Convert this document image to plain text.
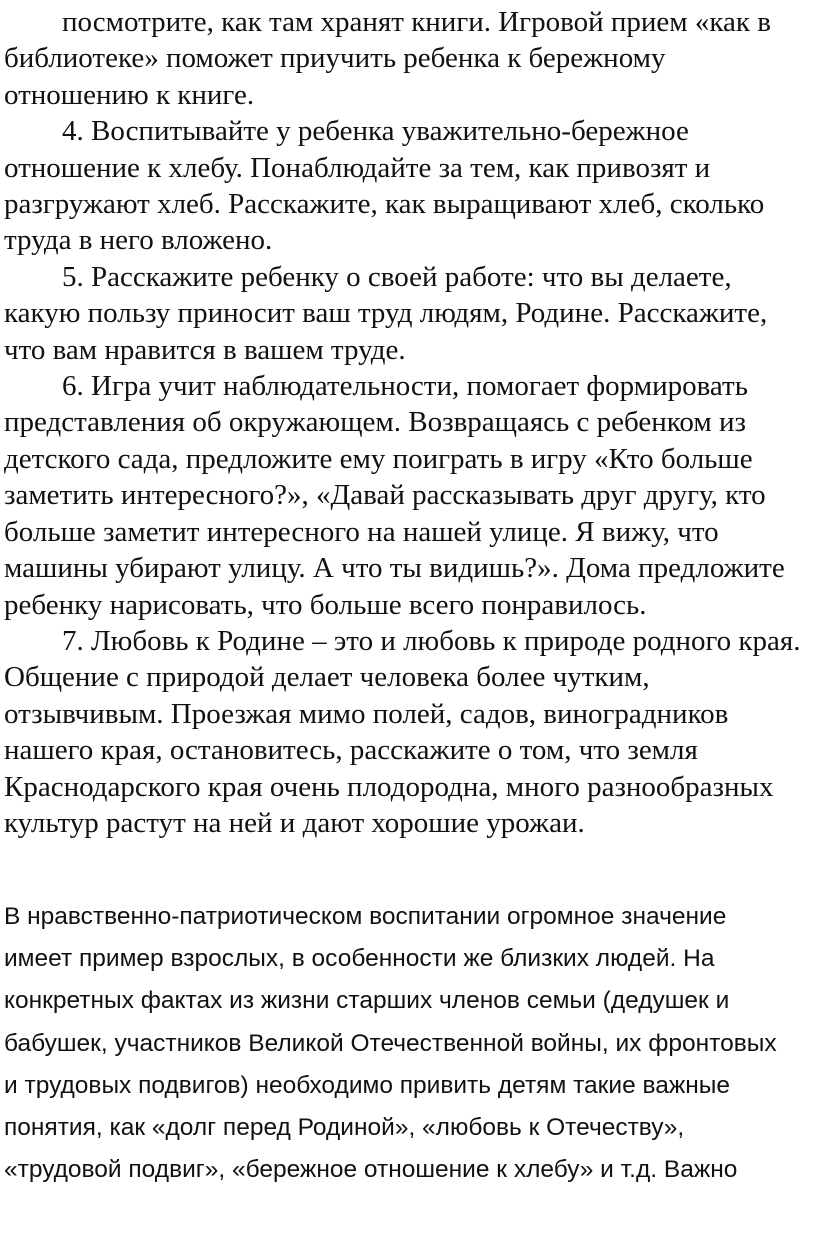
посмотрите, как там хранят книги. Игровой прием «как в библиотеке» поможет приучить ребенка к бережному отношению к книге.

4. Воспитывайте у ребенка уважительно-бережное отношение к хлебу. Понаблюдайте за тем, как привозят и разгружают хлеб. Расскажите, как выращивают хлеб, сколько труда в него вложено.

5. Расскажите ребенку о своей работе: что вы делаете, какую пользу приносит ваш труд людям, Родине. Расскажите, что вам нравится в вашем труде.

6. Игра учит наблюдательности, помогает формировать представления об окружающем. Возвращаясь с ребенком из детского сада, предложите ему поиграть в игру «Кто больше заметить интересного?», «Давай рассказывать друг другу, кто больше заметит интересного на нашей улице. Я вижу, что машины убирают улицу. А что ты видишь?». Дома предложите ребенку нарисовать, что больше всего понравилось.

7. Любовь к Родине – это и любовь к природе родного края. Общение с природой делает человека более чутким, отзывчивым. Проезжая мимо полей, садов, виноградников нашего края, остановитесь, расскажите о том, что земля Краснодарского края очень плодородна, много разнообразных культур растут на ней и дают хорошие урожаи.

В нравственно-патриотическом воспитании огромное значение имеет пример взрослых, в особенности же близких людей. На конкретных фактах из жизни старших членов семьи (дедушек и бабушек, участников Великой Отечественной войны, их фронтовых и трудовых подвигов) необходимо привить детям такие важные понятия, как «долг перед Родиной», «любовь к Отечеству», «трудовой подвиг», «бережное отношение к хлебу» и т.д. Важно
